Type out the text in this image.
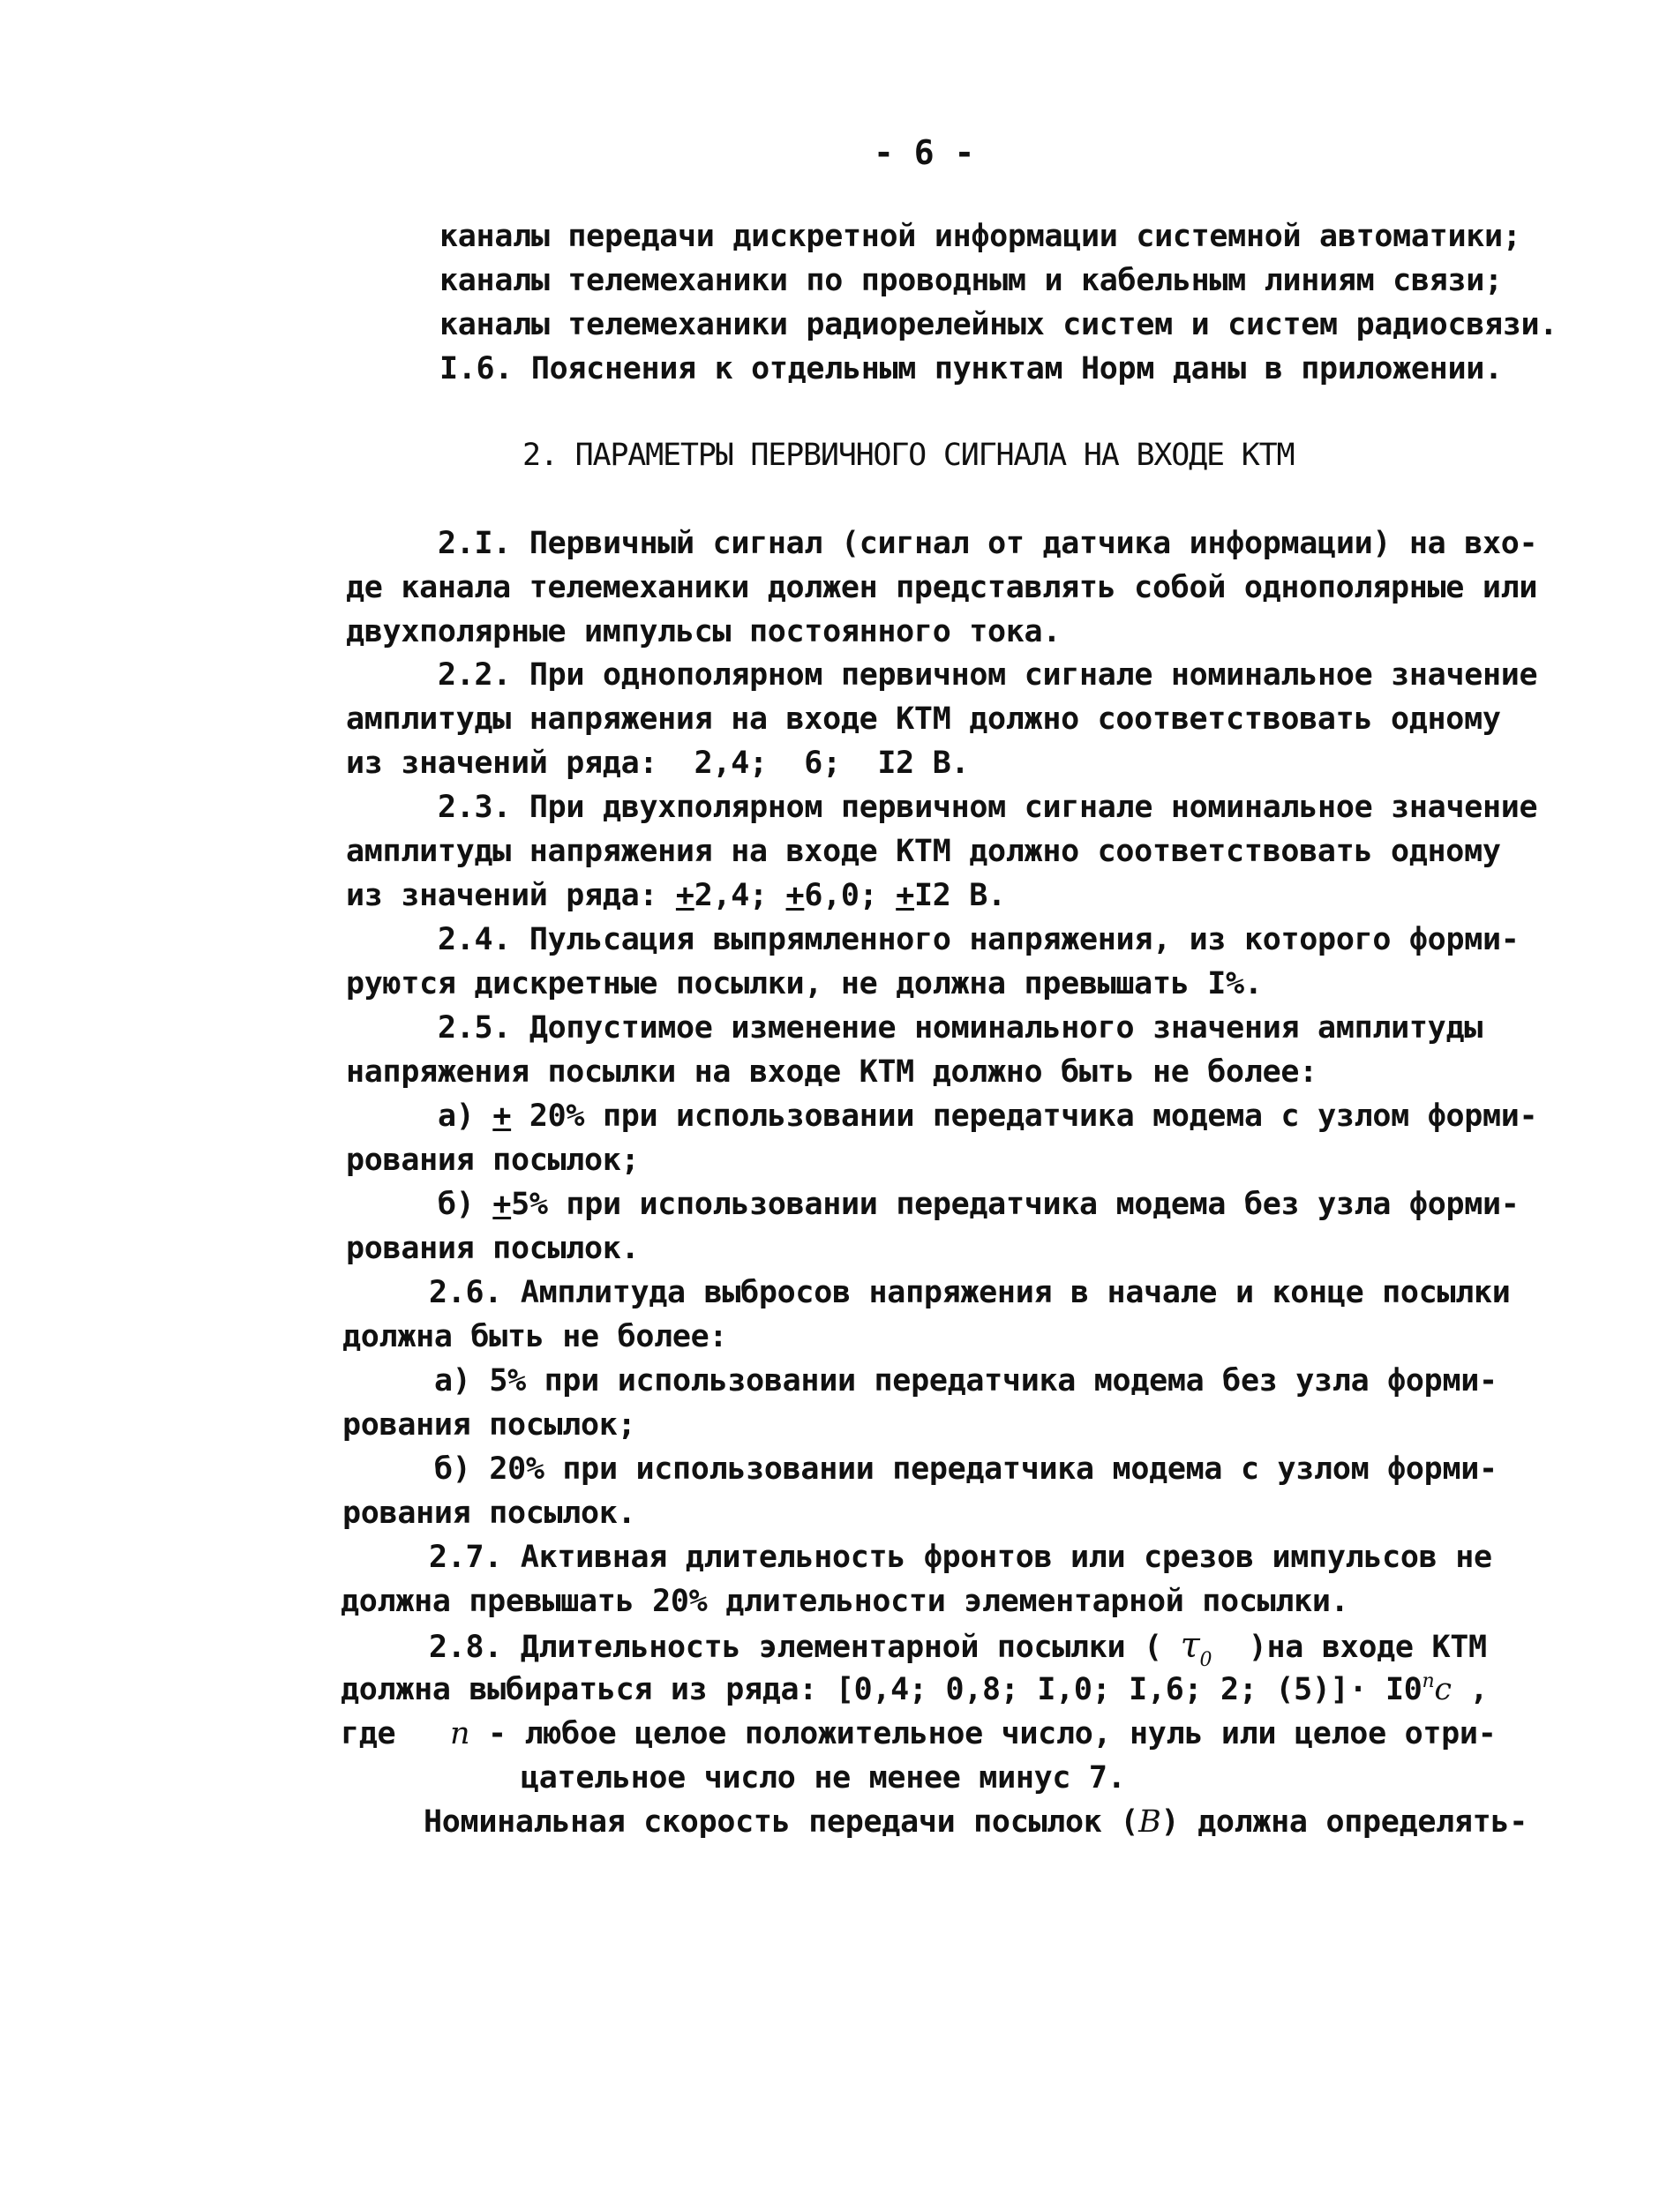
- 6 -
каналы передачи дискретной информации системной автоматики;
каналы телемеханики по проводным и кабельным линиям связи;
каналы телемеханики радиорелейных систем и систем радиосвязи.
I.6. Пояснения к отдельным пунктам Норм даны в приложении.
2. ПАРАМЕТРЫ ПЕРВИЧНОГО СИГНАЛА НА ВХОДЕ КТМ
2.I. Первичный сигнал (сигнал от датчика информации) на вхо-
де канала телемеханики должен представлять собой однополярные или
двухполярные импульсы постоянного тока.
2.2. При однополярном первичном сигнале номинальное значение
амплитуды напряжения на входе КТМ должно соответствовать одному
из значений ряда:  2,4;  6;  I2 В.
2.3. При двухполярном первичном сигнале номинальное значение
амплитуды напряжения на входе КТМ должно соответствовать одному
из значений ряда: +2,4; +6,0; +I2 В.
2.4. Пульсация выпрямленного напряжения, из которого форми-
руются дискретные посылки, не должна превышать I%.
2.5. Допустимое изменение номинального значения амплитуды
напряжения посылки на входе КТМ должно быть не более:
а) + 20% при использовании передатчика модема с узлом форми-
рования посылок;
б) +5% при использовании передатчика модема без узла форми-
рования посылок.
2.6. Амплитуда выбросов напряжения в начале и конце посылки
должна быть не более:
а) 5% при использовании передатчика модема без узла форми-
рования посылок;
б) 20% при использовании передатчика модема с узлом форми-
рования посылок.
2.7. Активная длительность фронтов или срезов импульсов не
должна превышать 20% длительности элементарной посылки.
2.8. Длительность элементарной посылки ( $\tau_0$  )на входе КТМ
должна выбираться из ряда: [0,4; 0,8; I,0; I,6; 2; $(5)]\cdot I0^nс$ ,
где n - любое целое положительное число, нуль или целое отри-
цательное число не менее минус 7.
Номинальная скорость передачи посылок (В) должна определять-
